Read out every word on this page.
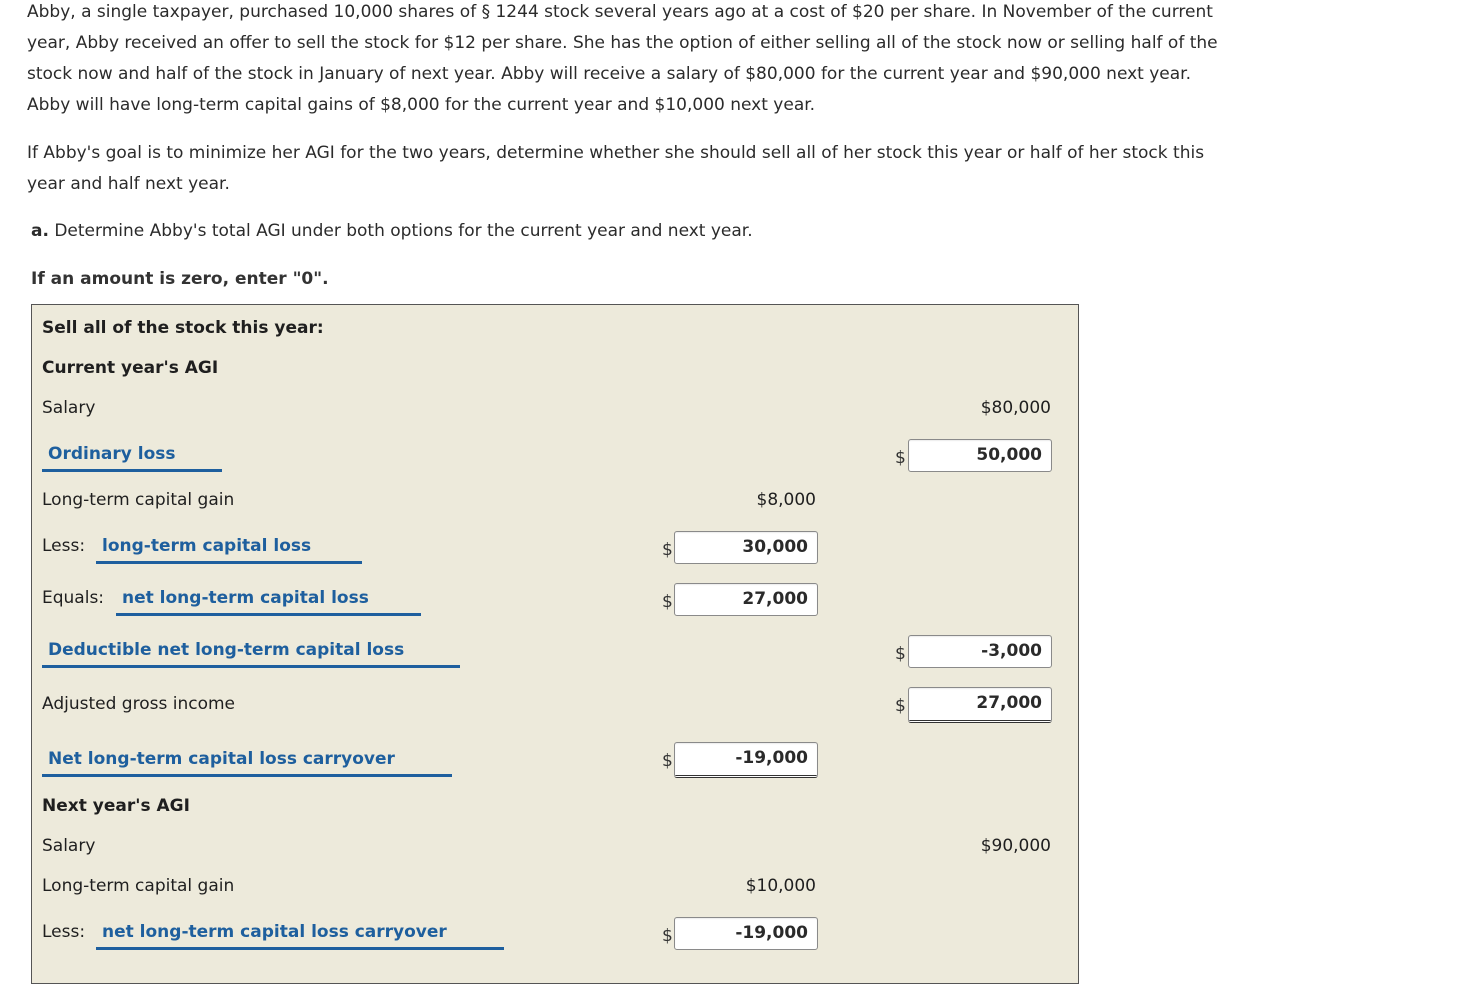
Abby, a single taxpayer, purchased 10,000 shares of § 1244 stock several years ago at a cost of $20 per share. In November of the current
year, Abby received an offer to sell the stock for $12 per share. She has the option of either selling all of the stock now or selling half of the
stock now and half of the stock in January of next year. Abby will receive a salary of $80,000 for the current year and $90,000 next year.
Abby will have long-term capital gains of $8,000 for the current year and $10,000 next year.
If Abby's goal is to minimize her AGI for the two years, determine whether she should sell all of her stock this year or half of her stock this
year and half next year.
a. Determine Abby's total AGI under both options for the current year and next year.
If an amount is zero, enter "0".
Sell all of the stock this year:
Current year's AGI
Salary	$80,000
Ordinary loss	$	50,000
Long-term capital gain	$8,000
Less: long-term capital loss	$	30,000
Equals:	net long-term capital loss	$	27,000
Deductible net long-term capital loss	$	-3,000
Adjusted gross income	$	27,000
Net long-term capital loss carryover	$	-19,000
Next year's AGI
Salary	$90,000
Long-term capital gain	$10,000
Less: net long-term capital loss carryover	$	-19,000
